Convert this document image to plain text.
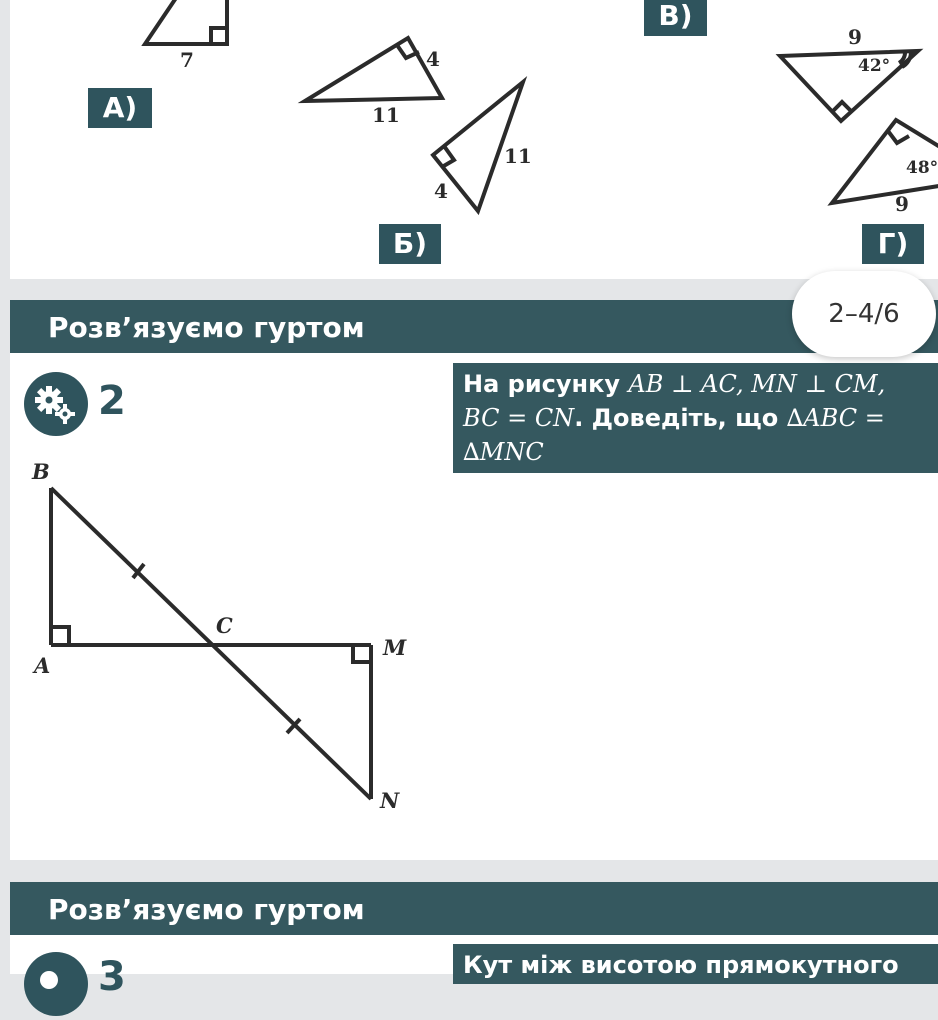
7	4
11
11
4
9
42°
48°
9
А)
Б)
В)
Г)
2–4/6
Розв’язуємо гуртом
2	На рисунку AB ⊥ AC, MN ⊥ CM,
BC = CN. Доведіть, що ∆ABC =
∆MNC
B
C
A
M
N
Розв’язуємо гуртом
3	Кут між висотою прямокутного
